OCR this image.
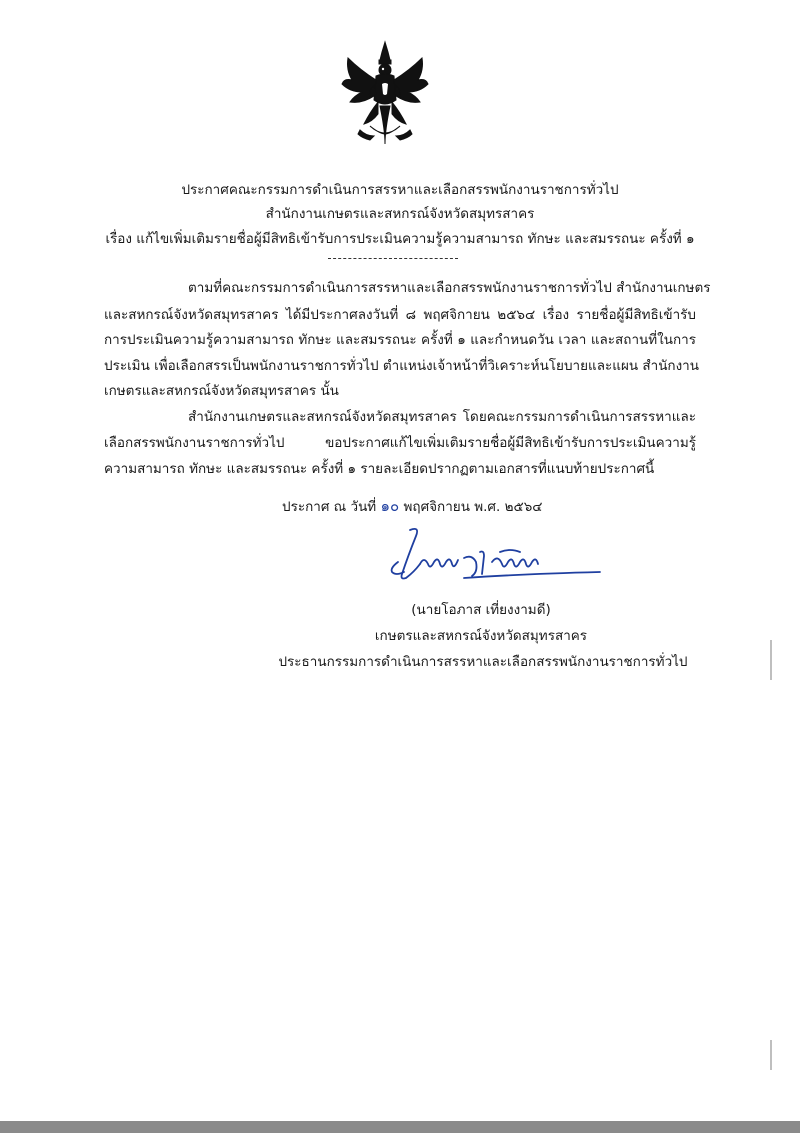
ประกาศคณะกรรมการดำเนินการสรรหาและเลือกสรรพนักงานราชการทั่วไป
สำนักงานเกษตรและสหกรณ์จังหวัดสมุทรสาคร
เรื่อง แก้ไขเพิ่มเติมรายชื่อผู้มีสิทธิเข้ารับการประเมินความรู้ความสามารถ ทักษะ และสมรรถนะ ครั้งที่ ๑
ตามที่คณะกรรมการดำเนินการสรรหาและเลือกสรรพนักงานราชการทั่วไป สำนักงานเกษตร
และสหกรณ์จังหวัดสมุทรสาคร ได้มีประกาศลงวันที่ ๘ พฤศจิกายน ๒๕๖๔ เรื่อง รายชื่อผู้มีสิทธิเข้ารับ
การประเมินความรู้ความสามารถ ทักษะ และสมรรถนะ ครั้งที่ ๑ และกำหนดวัน เวลา และสถานที่ในการ
ประเมิน เพื่อเลือกสรรเป็นพนักงานราชการทั่วไป ตำแหน่งเจ้าหน้าที่วิเคราะห์นโยบายและแผน สำนักงาน
เกษตรและสหกรณ์จังหวัดสมุทรสาคร นั้น
สำนักงานเกษตรและสหกรณ์จังหวัดสมุทรสาคร โดยคณะกรรมการดำเนินการสรรหาและ
เลือกสรรพนักงานราชการทั่วไป ขอประกาศแก้ไขเพิ่มเติมรายชื่อผู้มีสิทธิเข้ารับการประเมินความรู้
ความสามารถ ทักษะ และสมรรถนะ ครั้งที่ ๑ รายละเอียดปรากฏตามเอกสารที่แนบท้ายประกาศนี้
ประกาศ ณ วันที่ ๑๐ พฤศจิกายน พ.ศ. ๒๕๖๔
(นายโอภาส เที่ยงงามดี)
เกษตรและสหกรณ์จังหวัดสมุทรสาคร
ประธานกรรมการดำเนินการสรรหาและเลือกสรรพนักงานราชการทั่วไป
